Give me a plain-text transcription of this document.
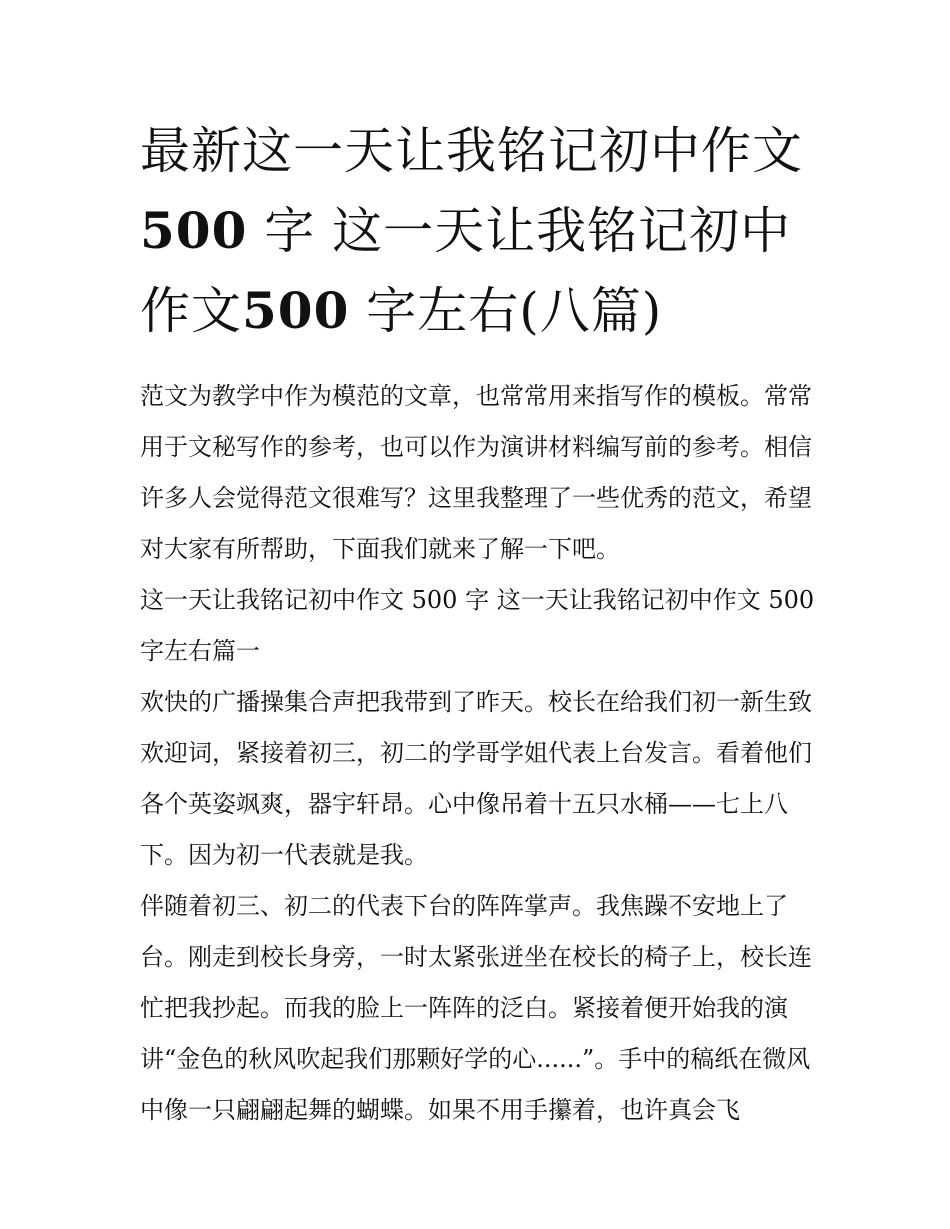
最新这一天让我铭记初中作文500 字 这一天让我铭记初中作文500 字左右(八篇)

范文为教学中作为模范的文章，也常常用来指写作的模板。常常用于文秘写作的参考，也可以作为演讲材料编写前的参考。相信许多人会觉得范文很难写？这里我整理了一些优秀的范文，希望对大家有所帮助，下面我们就来了解一下吧。

这一天让我铭记初中作文 500 字 这一天让我铭记初中作文 500 字左右篇一

欢快的广播操集合声把我带到了昨天。校长在给我们初一新生致欢迎词，紧接着初三，初二的学哥学姐代表上台发言。看着他们各个英姿飒爽，器宇轩昂。心中像吊着十五只水桶——七上八下。因为初一代表就是我。

伴随着初三、初二的代表下台的阵阵掌声。我焦躁不安地上了台。刚走到校长身旁，一时太紧张迸坐在校长的椅子上，校长连忙把我抄起。而我的脸上一阵阵的泛白。紧接着便开始我的演讲“金色的秋风吹起我们那颗好学的心......”。手中的稿纸在微风中像一只翩翩起舞的蝴蝶。如果不用手攥着，也许真会飞
